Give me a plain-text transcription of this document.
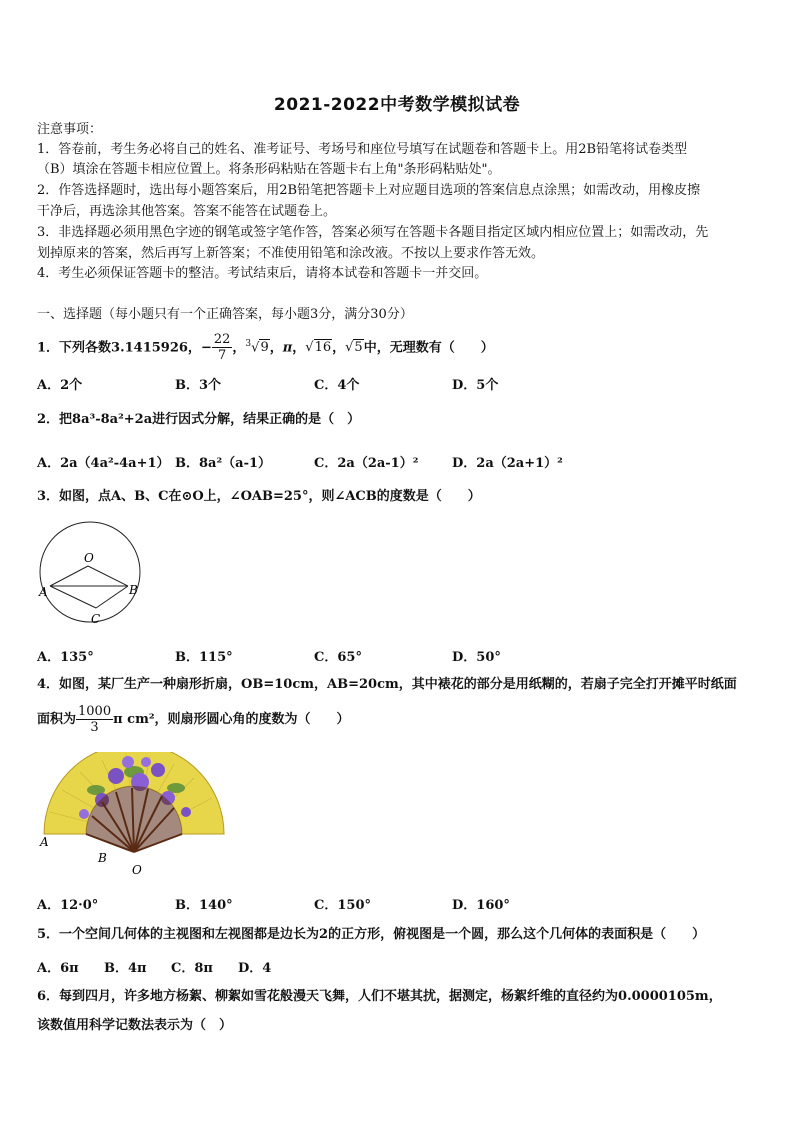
2021-2022中考数学模拟试卷
注意事项：
1．答卷前，考生务必将自己的姓名、准考证号、考场号和座位号填写在试题卷和答题卡上。用2B铅笔将试卷类型
（B）填涂在答题卡相应位置上。将条形码粘贴在答题卡右上角"条形码粘贴处"。
2．作答选择题时，选出每小题答案后，用2B铅笔把答题卡上对应题目选项的答案信息点涂黑；如需改动，用橡皮擦
干净后，再选涂其他答案。答案不能答在试题卷上。
3．非选择题必须用黑色字迹的钢笔或签字笔作答，答案必须写在答题卡各题目指定区域内相应位置上；如需改动，先
划掉原来的答案，然后再写上新答案；不准使用铅笔和涂改液。不按以上要求作答无效。
4．考生必须保证答题卡的整洁。考试结束后，请将本试卷和答题卡一并交回。
一、选择题（每小题只有一个正确答案，每小题3分，满分30分）
1．下列各数3.1415926，− $\frac{22}{7}$ ，$^3$√9，π，√16，√5中，无理数有（　　）
A．2个	B．3个	C．4个	D．5个
2．把8a³-8a²+2a进行因式分解，结果正确的是（　）
A．2a（4a²-4a+1） B．8a²（a-1）	C．2a（2a-1）²	D．2a（2a+1）²
3．如图，点A、B、C在⊙O上，∠OAB=25°，则∠ACB的度数是（　　）
O
A	B
C
A．135°	B．115°	C．65°	D．50°
4．如图，某厂生产一种扇形折扇，OB=10cm，AB=20cm，其中裱花的部分是用纸糊的，若扇子完全打开摊平时纸面
面积为 $\frac{1000}{3}$ π cm²，则扇形圆心角的度数为（　　）
A
B
O
A．12·0°	B．140°	C．150°	D．160°
5．一个空间几何体的主视图和左视图都是边长为2的正方形，俯视图是一个圆，那么这个几何体的表面积是（　　）
A．6π B．4π C．8π D．4
6．每到四月，许多地方杨絮、柳絮如雪花般漫天飞舞，人们不堪其扰，据测定，杨絮纤维的直径约为0.0000105m，
该数值用科学记数法表示为（　）
